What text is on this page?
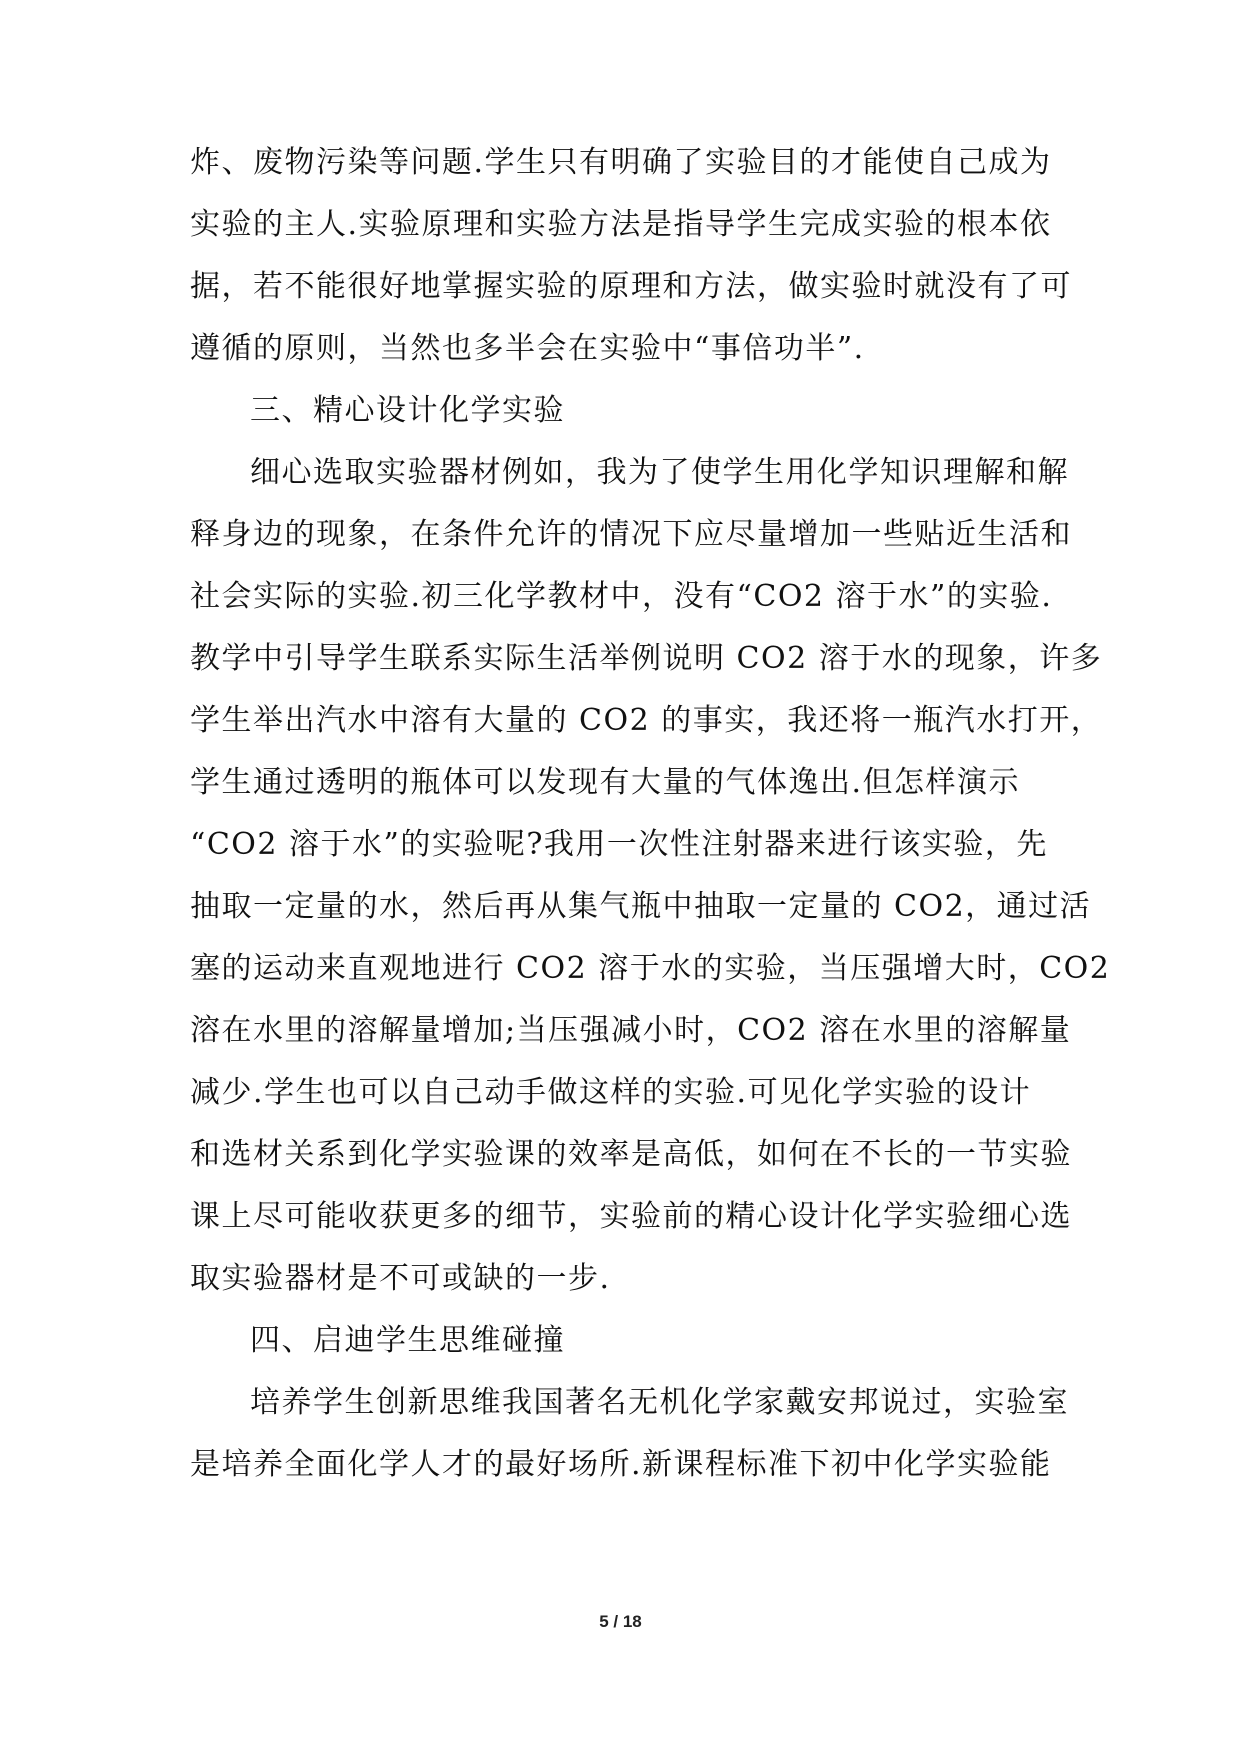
炸、废物污染等问题.学生只有明确了实验目的才能使自己成为
实验的主人.实验原理和实验方法是指导学生完成实验的根本依
据，若不能很好地掌握实验的原理和方法，做实验时就没有了可
遵循的原则，当然也多半会在实验中“事倍功半”.
三、精心设计化学实验
细心选取实验器材例如，我为了使学生用化学知识理解和解
释身边的现象，在条件允许的情况下应尽量增加一些贴近生活和
社会实际的实验.初三化学教材中，没有“CO2 溶于水”的实验.
教学中引导学生联系实际生活举例说明 CO2 溶于水的现象，许多
学生举出汽水中溶有大量的 CO2 的事实，我还将一瓶汽水打开，
学生通过透明的瓶体可以发现有大量的气体逸出.但怎样演示
“CO2 溶于水”的实验呢?我用一次性注射器来进行该实验，先
抽取一定量的水，然后再从集气瓶中抽取一定量的 CO2，通过活
塞的运动来直观地进行 CO2 溶于水的实验，当压强增大时，CO2
溶在水里的溶解量增加;当压强减小时，CO2 溶在水里的溶解量
减少.学生也可以自己动手做这样的实验.可见化学实验的设计
和选材关系到化学实验课的效率是高低，如何在不长的一节实验
课上尽可能收获更多的细节，实验前的精心设计化学实验细心选
取实验器材是不可或缺的一步.
四、启迪学生思维碰撞
培养学生创新思维我国著名无机化学家戴安邦说过，实验室
是培养全面化学人才的最好场所.新课程标准下初中化学实验能
5 / 18
